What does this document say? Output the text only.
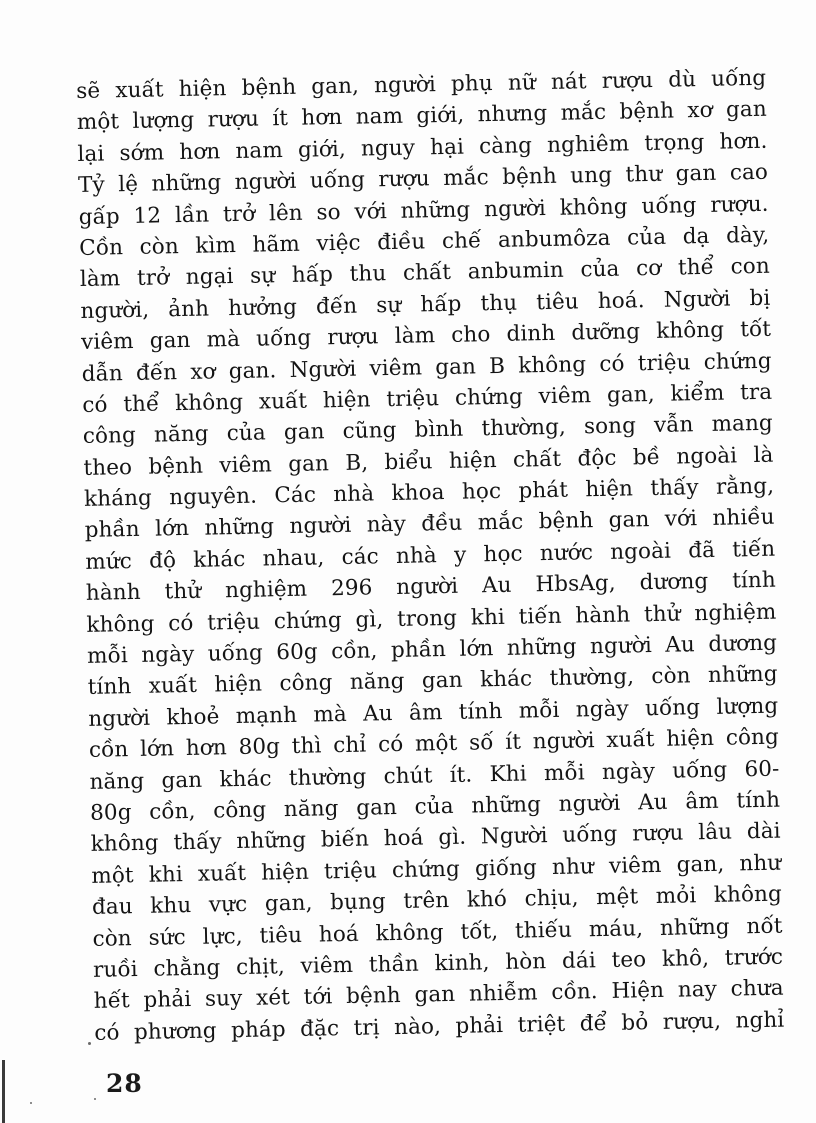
sẽ xuất hiện bệnh gan, người phụ nữ nát rượu dù uống
một lượng rượu ít hơn nam giới, nhưng mắc bệnh xơ gan
lại sớm hơn nam giới, nguy hại càng nghiêm trọng hơn.
Tỷ lệ những người uống rượu mắc bệnh ung thư gan cao
gấp 12 lần trở lên so với những người không uống rượu.
Cồn còn kìm hãm việc điều chế anbumôza của dạ dày,
làm trở ngại sự hấp thu chất anbumin của cơ thể con
người, ảnh hưởng đến sự hấp thụ tiêu hoá. Người bị
viêm gan mà uống rượu làm cho dinh dưỡng không tốt
dẫn đến xơ gan. Người viêm gan B không có triệu chứng
có thể không xuất hiện triệu chứng viêm gan, kiểm tra
công năng của gan cũng bình thường, song vẫn mang
theo bệnh viêm gan B, biểu hiện chất độc bề ngoài là
kháng nguyên. Các nhà khoa học phát hiện thấy rằng,
phần lớn những người này đều mắc bệnh gan với nhiều
mức độ khác nhau, các nhà y học nước ngoài đã tiến
hành thử nghiệm 296 người Au HbsAg, dương tính
không có triệu chứng gì, trong khi tiến hành thử nghiệm
mỗi ngày uống 60g cồn, phần lớn những người Au dương
tính xuất hiện công năng gan khác thường, còn những
người khoẻ mạnh mà Au âm tính mỗi ngày uống lượng
cồn lớn hơn 80g thì chỉ có một số ít người xuất hiện công
năng gan khác thường chút ít. Khi mỗi ngày uống 60-
80g cồn, công năng gan của những người Au âm tính
không thấy những biến hoá gì. Người uống rượu lâu dài
một khi xuất hiện triệu chứng giống như viêm gan, như
đau khu vực gan, bụng trên khó chịu, mệt mỏi không
còn sức lực, tiêu hoá không tốt, thiếu máu, những nốt
ruồi chằng chịt, viêm thần kinh, hòn dái teo khô, trước
hết phải suy xét tới bệnh gan nhiễm cồn. Hiện nay chưa
có phương pháp đặc trị nào, phải triệt để bỏ rượu, nghỉ
28
